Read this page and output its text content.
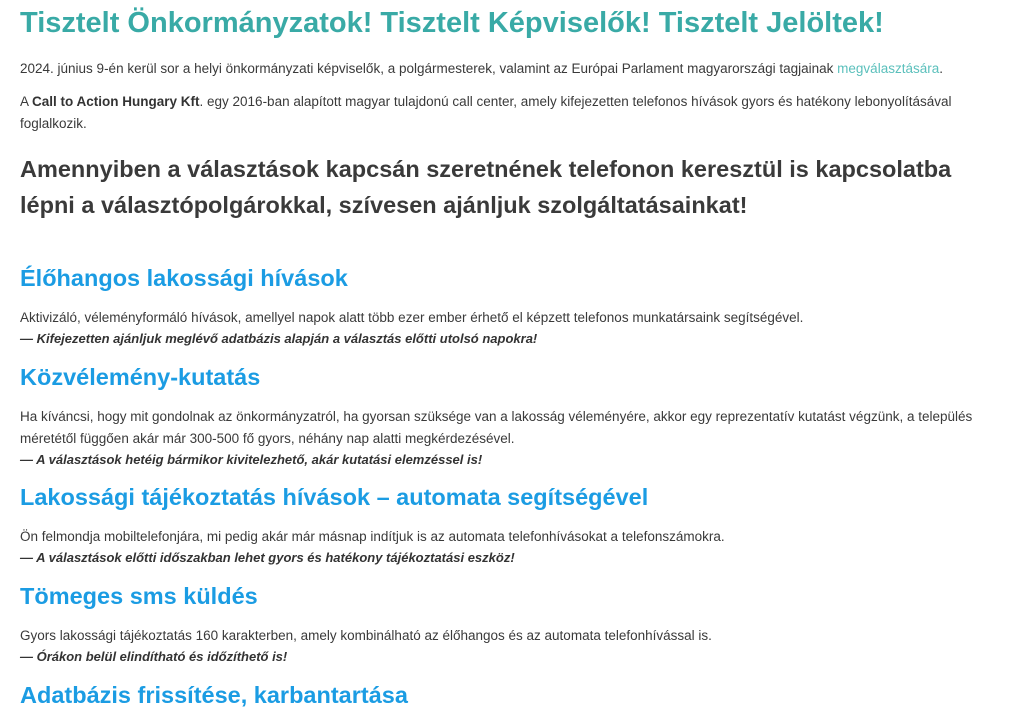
Tisztelt Önkormányzatok! Tisztelt Képviselők! Tisztelt Jelöltek!

2024. június 9-én kerül sor a helyi önkormányzati képviselők, a polgármesterek, valamint az Európai Parlament magyarországi tagjainak megválasztására.

A Call to Action Hungary Kft. egy 2016-ban alapított magyar tulajdonú call center, amely kifejezetten telefonos hívások gyors és hatékony lebonyolításával foglalkozik.

Amennyiben a választások kapcsán szeretnének telefonon keresztül is kapcsolatba lépni a választópolgárokkal, szívesen ajánljuk szolgáltatásainkat!
Élőhangos lakossági hívások

Aktivizáló, véleményformáló hívások, amellyel napok alatt több ezer ember érhető el képzett telefonos munkatársaink segítségével.

— Kifejezetten ajánljuk meglévő adatbázis alapján a választás előtti utolsó napokra!

Közvélemény-kutatás

Ha kíváncsi, hogy mit gondolnak az önkormányzatról, ha gyorsan szüksége van a lakosság véleményére, akkor egy reprezentatív kutatást végzünk, a település méretétől függően akár már 300-500 fő gyors, néhány nap alatti megkérdezésével.

— A választások hetéig bármikor kivitelezhető, akár kutatási elemzéssel is!

Lakossági tájékoztatás hívások – automata segítségével

Ön felmondja mobiltelefonjára, mi pedig akár már másnap indítjuk is az automata telefonhívásokat a telefonszámokra.

— A választások előtti időszakban lehet gyors és hatékony tájékoztatási eszköz!

Tömeges sms küldés

Gyors lakossági tájékoztatás 160 karakterben, amely kombinálható az élőhangos és az automata telefonhívással is.

— Órákon belül elindítható és időzíthető is!

Adatbázis frissítése, karbantartása
